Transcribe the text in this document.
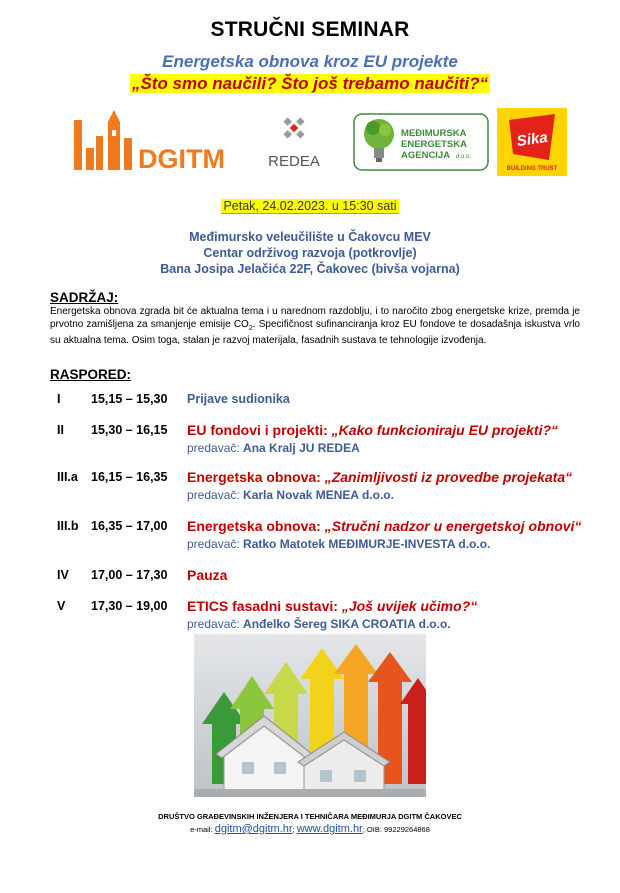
STRUČNI SEMINAR
Energetska obnova kroz EU projekte
„Što smo naučili? Što još trebamo naučiti?“
DGITM	REDEA
MEĐIMURSKA
ENERGETSKA
AGENCIJA d.o.o.
Sika
BUILDING TRUST
Petak, 24.02.2023. u 15:30 sati
Međimursko veleučilište u Čakovcu MEV
Centar održivog razvoja (potkrovlje)
Bana Josipa Jelačića 22F, Čakovec (bivša vojarna)
SADRŽAJ:
Energetska obnova zgrada bit će aktualna tema i u narednom razdoblju, i to naročito zbog energetske krize, premda je prvotno zamišljena za smanjenje emisije $CO_2$. Specifičnost sufinanciranja kroz EU fondove te dosadašnja iskustva vrlo su aktualna tema. Osim toga, stalan je razvoj materijala, fasadnih sustava te tehnologije izvođenja.
RASPORED:
I 15,15 – 15,30 Prijave sudionika
II 15,30 – 16,15 EU fondovi i projekti: „Kako funkcioniraju EU projekti?“
predavač: Ana Kralj JU REDEA
III.a 16,15 – 16,35 Energetska obnova: „Zanimljivosti iz provedbe projekata“
predavač: Karla Novak MENEA d.o.o.
III.b 16,35 – 17,00 Energetska obnova: „Stručni nadzor u energetskoj obnovi“
predavač: Ratko Matotek MEĐIMURJE-INVESTA d.o.o.
IV 17,00 – 17,30 Pauza
V 17,30 – 19,00 ETICS fasadni sustavi: „Još uvijek učimo?“
predavač: Anđelko Šereg SIKA CROATIA d.o.o.
DRUŠTVO GRAĐEVINSKIH INŽENJERA I TEHNIČARA MEĐIMURJA DGITM ČAKOVEC
e-mail: dgitm@dgitm.hr; www.dgitm.hr; OIB: 99229264868
